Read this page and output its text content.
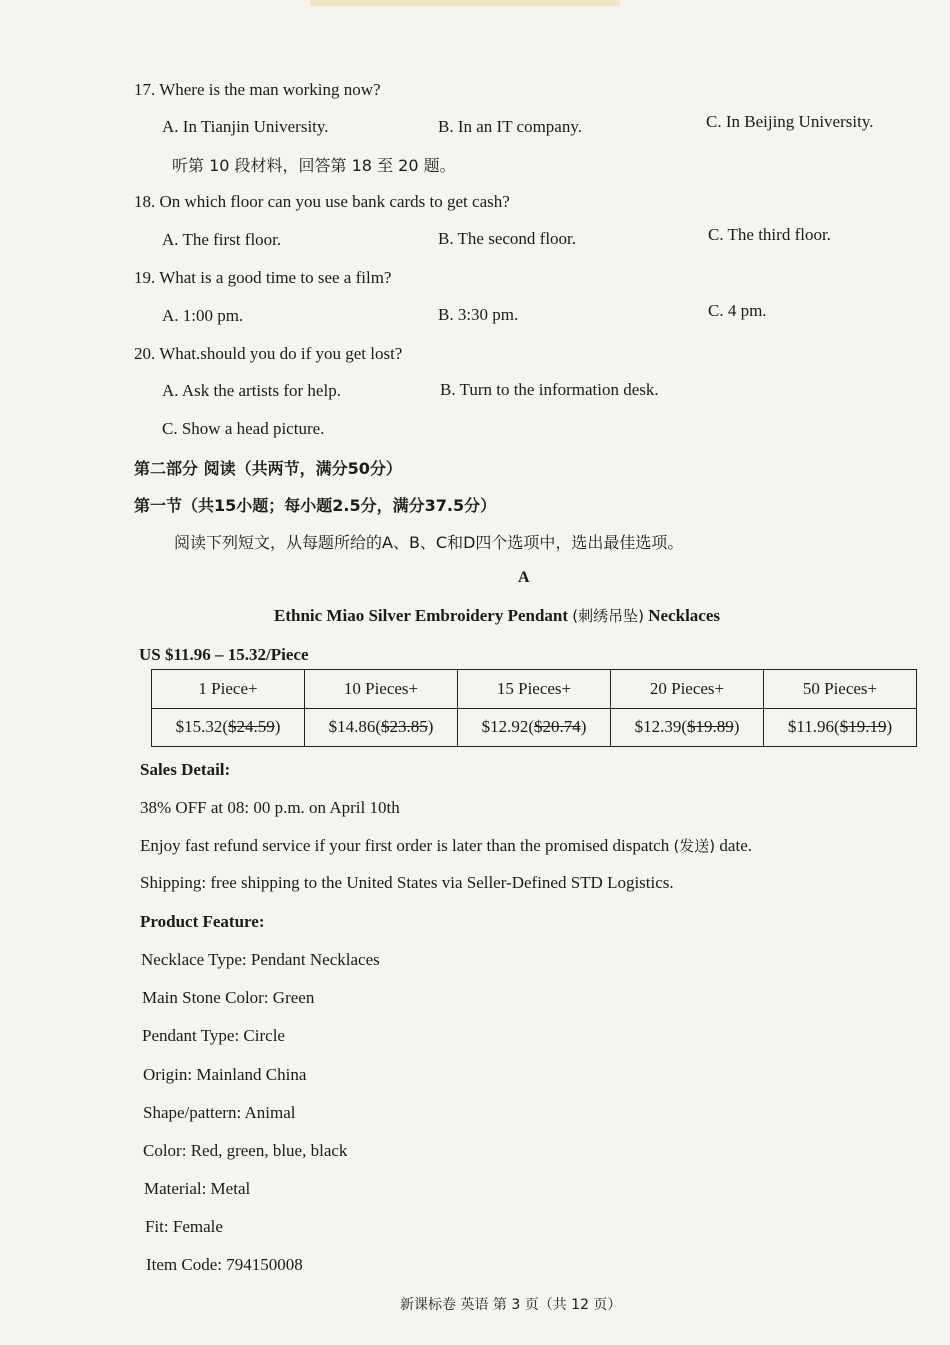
17. Where is the man working now?
A. In Tianjin University.	B. In an IT company.	C. In Beijing University.
听第 10 段材料，回答第 18 至 20 题。
18. On which floor can you use bank cards to get cash?
A. The first floor.	B. The second floor.	C. The third floor.
19. What is a good time to see a film?
A. 1:00 pm.	B. 3:30 pm.	C. 4 pm.
20. What.should you do if you get lost?
A. Ask the artists for help.	B. Turn to the information desk.
C. Show a head picture.
第二部分 阅读（共两节，满分50分）
第一节（共15小题；每小题2.5分，满分37.5分）
阅读下列短文，从每题所给的A、B、C和D四个选项中，选出最佳选项。
A
Ethnic Miao Silver Embroidery Pendant (刺绣吊坠) Necklaces
US $11.96 – 15.32/Piece
1 Piece+	10 Pieces+	15 Pieces+	20 Pieces+	50 Pieces+
$15.32($24.59)	$14.86($23.85)	$12.92($20.74)	$12.39($19.89)	$11.96($19.19)
Sales Detail:
38% OFF at 08: 00 p.m. on April 10th
Enjoy fast refund service if your first order is later than the promised dispatch (发送) date.
Shipping: free shipping to the United States via Seller-Defined STD Logistics.
Product Feature:
Necklace Type: Pendant Necklaces
Main Stone Color: Green
Pendant Type: Circle
Origin: Mainland China
Shape/pattern: Animal
Color: Red, green, blue, black
Material: Metal
Fit: Female
Item Code: 794150008
新课标卷 英语 第 3 页（共 12 页）
